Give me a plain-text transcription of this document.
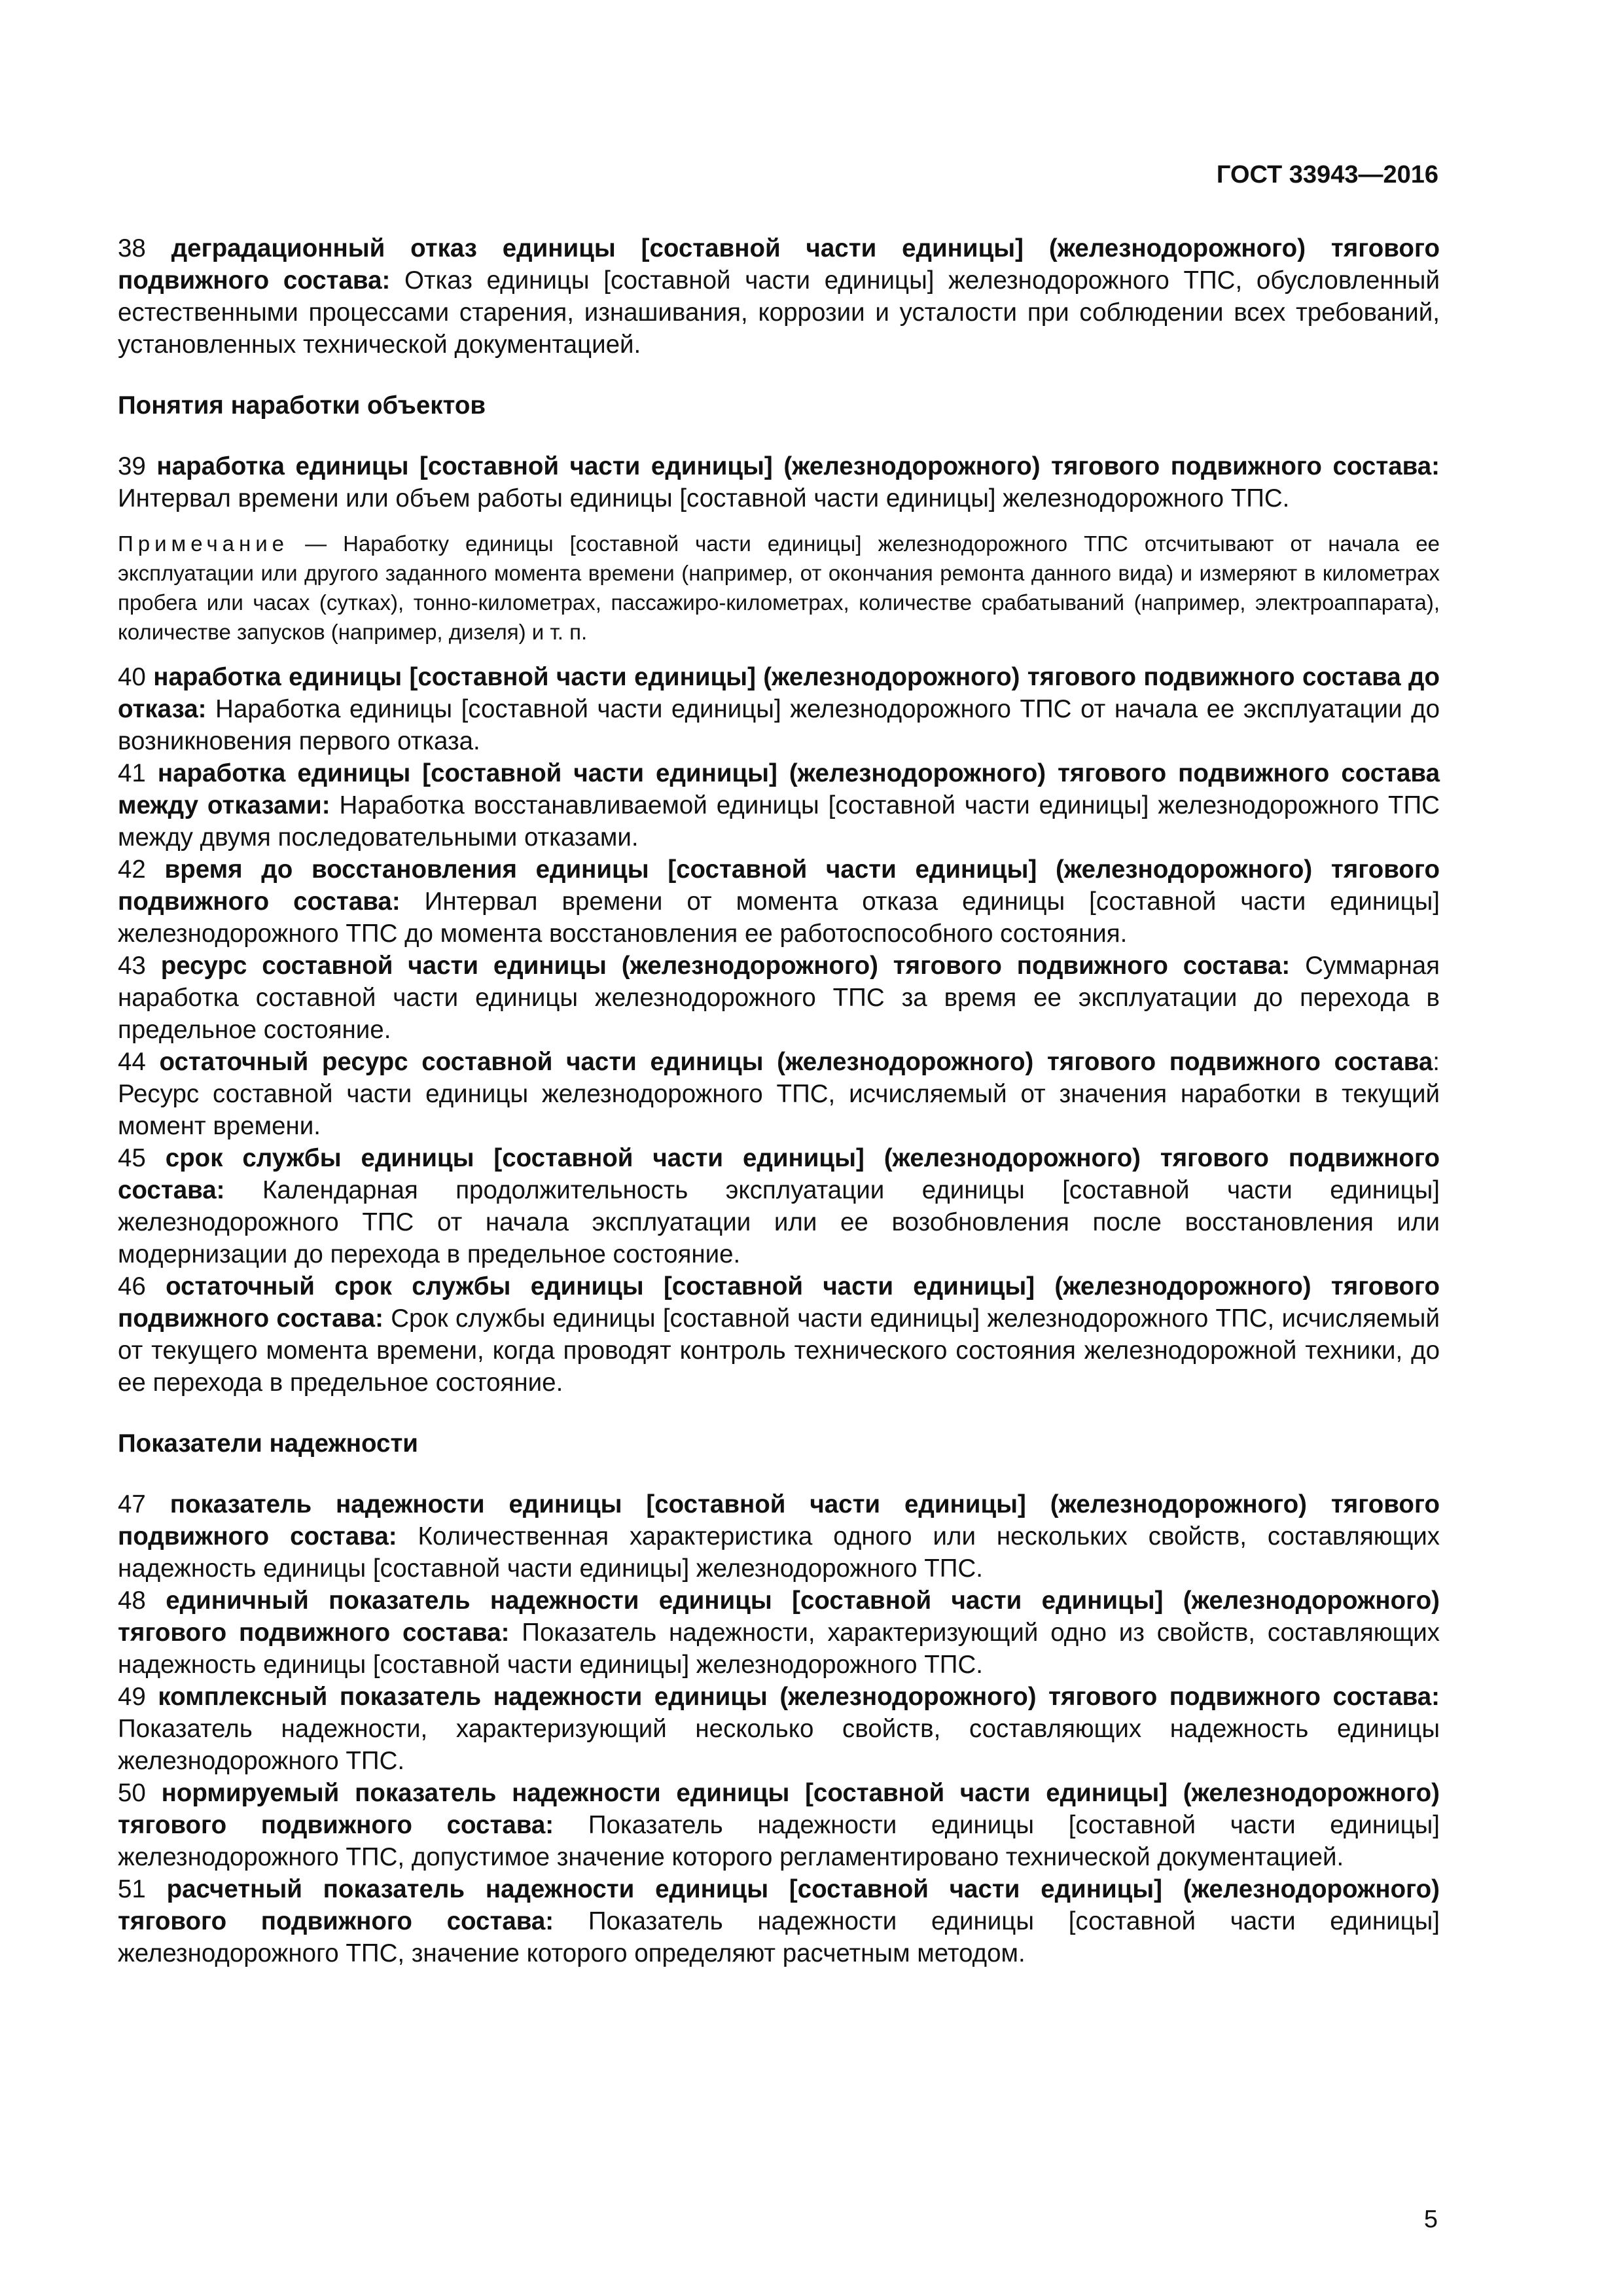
ГОСТ 33943—2016

38 деградационный отказ единицы [составной части единицы] (железнодорожного) тягового подвижного состава: Отказ единицы [составной части единицы] железнодорожного ТПС, обусловленный естественными процессами старения, изнашивания, коррозии и усталости при соблюдении всех требований, установленных технической документацией.

Понятия наработки объектов

39 наработка единицы [составной части единицы] (железнодорожного) тягового подвижного состава: Интервал времени или объем работы единицы [составной части единицы] железнодорожного ТПС.

Примечание — Наработку единицы [составной части единицы] железнодорожного ТПС отсчитывают от начала ее эксплуатации или другого заданного момента времени (например, от окончания ремонта данного вида) и измеряют в километрах пробега или часах (сутках), тонно-километрах, пассажиро-километрах, количестве срабатываний (например, электроаппарата), количестве запусков (например, дизеля) и т. п.

40 наработка единицы [составной части единицы] (железнодорожного) тягового подвижного состава до отказа: Наработка единицы [составной части единицы] железнодорожного ТПС от начала ее эксплуатации до возникновения первого отказа.

41 наработка единицы [составной части единицы] (железнодорожного) тягового подвижного состава между отказами: Наработка восстанавливаемой единицы [составной части единицы] железнодорожного ТПС между двумя последовательными отказами.

42 время до восстановления единицы [составной части единицы] (железнодорожного) тягового подвижного состава: Интервал времени от момента отказа единицы [составной части единицы] железнодорожного ТПС до момента восстановления ее работоспособного состояния.

43 ресурс составной части единицы (железнодорожного) тягового подвижного состава: Суммарная наработка составной части единицы железнодорожного ТПС за время ее эксплуатации до перехода в предельное состояние.

44 остаточный ресурс составной части единицы (железнодорожного) тягового подвижного состава: Ресурс составной части единицы железнодорожного ТПС, исчисляемый от значения наработки в текущий момент времени.

45 срок службы единицы [составной части единицы] (железнодорожного) тягового подвижного состава: Календарная продолжительность эксплуатации единицы [составной части единицы] железнодорожного ТПС от начала эксплуатации или ее возобновления после восстановления или модернизации до перехода в предельное состояние.

46 остаточный срок службы единицы [составной части единицы] (железнодорожного) тягового подвижного состава: Срок службы единицы [составной части единицы] железнодорожного ТПС, исчисляемый от текущего момента времени, когда проводят контроль технического состояния железнодорожной техники, до ее перехода в предельное состояние.

Показатели надежности

47 показатель надежности единицы [составной части единицы] (железнодорожного) тягового подвижного состава: Количественная характеристика одного или нескольких свойств, составляющих надежность единицы [составной части единицы] железнодорожного ТПС.

48 единичный показатель надежности единицы [составной части единицы] (железнодорожного) тягового подвижного состава: Показатель надежности, характеризующий одно из свойств, составляющих надежность единицы [составной части единицы] железнодорожного ТПС.

49 комплексный показатель надежности единицы (железнодорожного) тягового подвижного состава: Показатель надежности, характеризующий несколько свойств, составляющих надежность единицы железнодорожного ТПС.

50 нормируемый показатель надежности единицы [составной части единицы] (железнодорожного) тягового подвижного состава: Показатель надежности единицы [составной части единицы] железнодорожного ТПС, допустимое значение которого регламентировано технической документацией.

51 расчетный показатель надежности единицы [составной части единицы] (железнодорожного) тягового подвижного состава: Показатель надежности единицы [составной части единицы] железнодорожного ТПС, значение которого определяют расчетным методом.

5
